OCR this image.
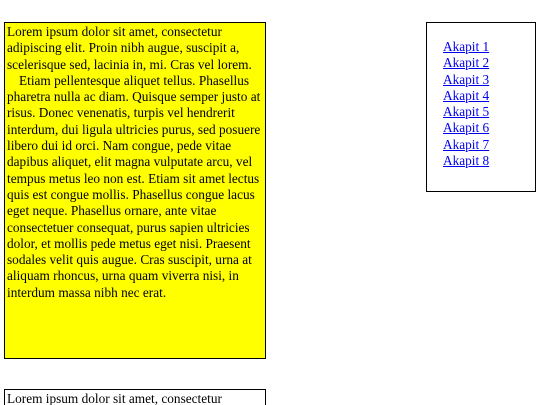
Lorem ipsum dolor sit amet, consectetur adipiscing elit. Proin nibh augue, suscipit a, scelerisque sed, lacinia in, mi. Cras vel lorem.

Etiam pellentesque aliquet tellus. Phasellus pharetra nulla ac diam. Quisque semper justo at risus. Donec venenatis, turpis vel hendrerit interdum, dui ligula ultricies purus, sed posuere libero dui id orci. Nam congue, pede vitae dapibus aliquet, elit magna vulputate arcu, vel tempus metus leo non est. Etiam sit amet lectus quis est congue mollis. Phasellus congue lacus eget neque. Phasellus ornare, ante vitae consectetuer consequat, purus sapien ultricies dolor, et mollis pede metus eget nisi. Praesent sodales velit quis augue. Cras suscipit, urna at aliquam rhoncus, urna quam viverra nisi, in interdum massa nibh nec erat.

Akapit 1
Akapit 2
Akapit 3
Akapit 4
Akapit 5
Akapit 6
Akapit 7
Akapit 8

Lorem ipsum dolor sit amet, consectetur
